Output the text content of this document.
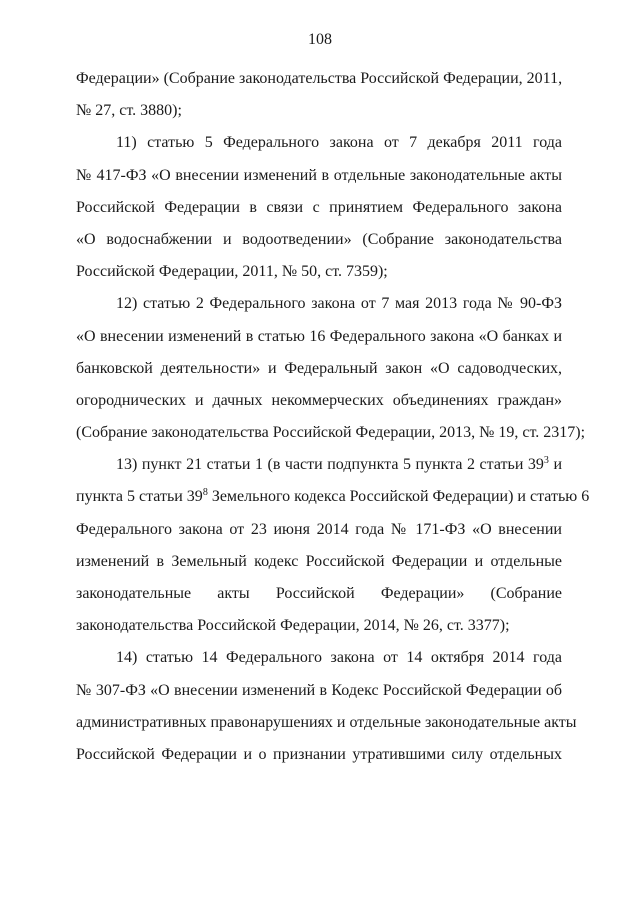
108
Федерации» (Собрание законодательства Российской Федерации, 2011,
№ 27, ст. 3880);
11) статью 5 Федерального закона от 7 декабря 2011 года
№ 417-ФЗ «О внесении изменений в отдельные законодательные акты
Российской Федерации в связи с принятием Федерального закона
«О водоснабжении и водоотведении» (Собрание законодательства
Российской Федерации, 2011, № 50, ст. 7359);
12) статью 2 Федерального закона от 7 мая 2013 года № 90-ФЗ
«О внесении изменений в статью 16 Федерального закона «О банках и
банковской деятельности» и Федеральный закон «О садоводческих,
огороднических и дачных некоммерческих объединениях граждан»
(Собрание законодательства Российской Федерации, 2013, № 19, ст. 2317);
13) пункт 21 статьи 1 (в части подпункта 5 пункта 2 статьи $39^3$ и
пункта 5 статьи $39^8$ Земельного кодекса Российской Федерации) и статью 6
Федерального закона от 23 июня 2014 года № 171-ФЗ «О внесении
изменений в Земельный кодекс Российской Федерации и отдельные
законодательные акты Российской Федерации» (Собрание
законодательства Российской Федерации, 2014, № 26, ст. 3377);
14) статью 14 Федерального закона от 14 октября 2014 года
№ 307-ФЗ «О внесении изменений в Кодекс Российской Федерации об
административных правонарушениях и отдельные законодательные акты
Российской Федерации и о признании утратившими силу отдельных
